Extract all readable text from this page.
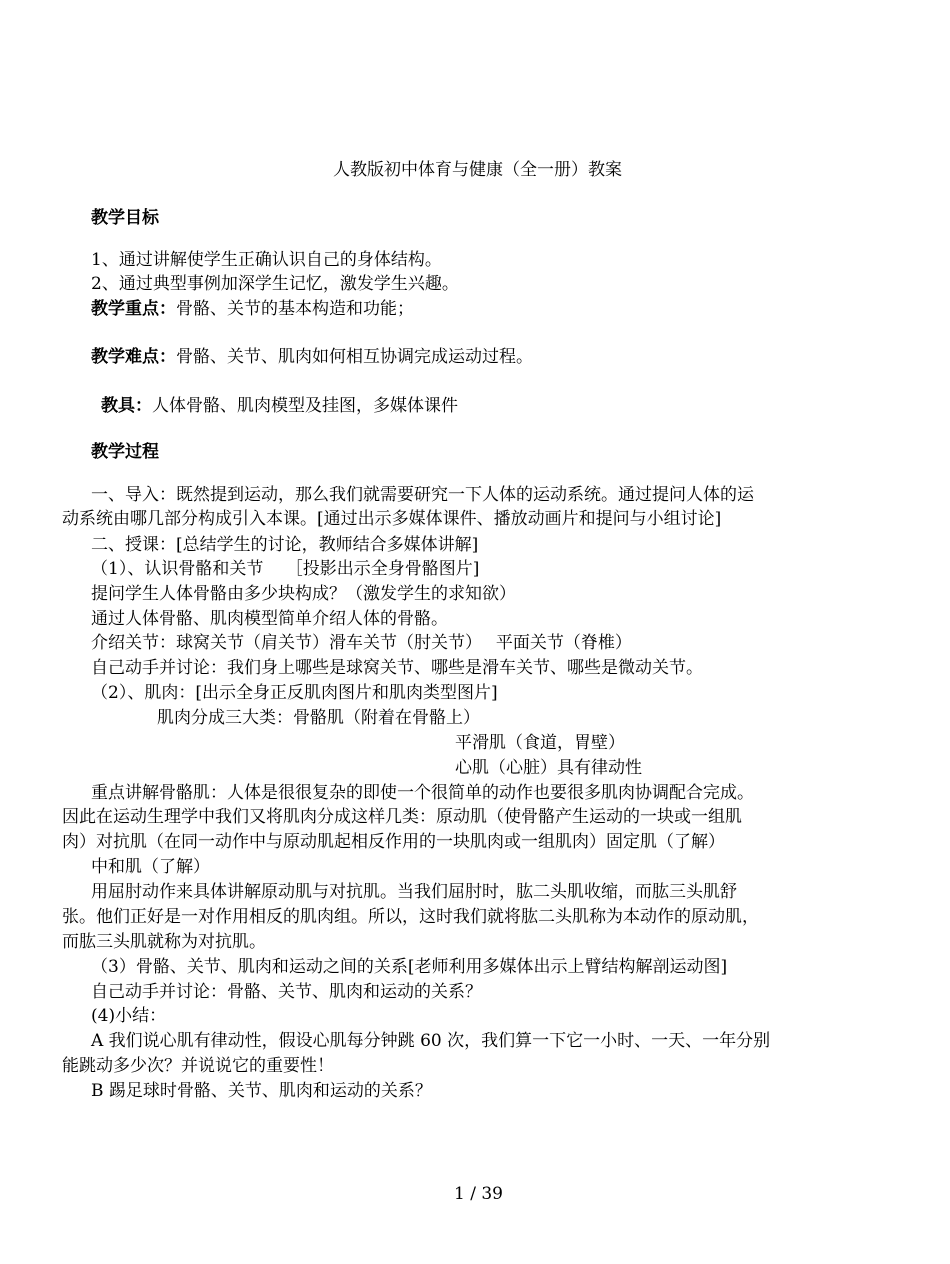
人教版初中体育与健康（全一册）教案
教学目标
1、通过讲解使学生正确认识自己的身体结构。
2、通过典型事例加深学生记忆，激发学生兴趣。
教学重点：骨骼、关节的基本构造和功能；
教学难点：骨骼、关节、肌肉如何相互协调完成运动过程。
教具：人体骨骼、肌肉模型及挂图，多媒体课件
教学过程
一、导入：既然提到运动，那么我们就需要研究一下人体的运动系统。通过提问人体的运
动系统由哪几部分构成引入本课。[通过出示多媒体课件、播放动画片和提问与小组讨论]
二、授课：[总结学生的讨论，教师结合多媒体讲解]
（1）、认识骨骼和关节　 ［投影出示全身骨骼图片]
提问学生人体骨骼由多少块构成？（激发学生的求知欲）
通过人体骨骼、肌肉模型简单介绍人体的骨骼。
介绍关节：球窝关节（肩关节）滑车关节（肘关节）　 平面关节（脊椎）
自己动手并讨论：我们身上哪些是球窝关节、哪些是滑车关节、哪些是微动关节。
（2）、肌肉：[出示全身正反肌肉图片和肌肉类型图片]
肌肉分成三大类：骨骼肌（附着在骨骼上）
平滑肌（食道，胃壁）
心肌（心脏）具有律动性
重点讲解骨骼肌：人体是很很复杂的即使一个很简单的动作也要很多肌肉协调配合完成。
因此在运动生理学中我们又将肌肉分成这样几类：原动肌（使骨骼产生运动的一块或一组肌
肉）对抗肌（在同一动作中与原动肌起相反作用的一块肌肉或一组肌肉）固定肌（了解）
中和肌（了解）
用屈肘动作来具体讲解原动肌与对抗肌。当我们屈肘时，肱二头肌收缩，而肱三头肌舒
张。他们正好是一对作用相反的肌肉组。所以，这时我们就将肱二头肌称为本动作的原动肌，
而肱三头肌就称为对抗肌。
（3）骨骼、关节、肌肉和运动之间的关系[老师利用多媒体出示上臂结构解剖运动图]
自己动手并讨论：骨骼、关节、肌肉和运动的关系？
(4)小结：
A 我们说心肌有律动性，假设心肌每分钟跳 60 次，我们算一下它一小时、一天、一年分别
能跳动多少次？并说说它的重要性！
B 踢足球时骨骼、关节、肌肉和运动的关系？
1 / 39
